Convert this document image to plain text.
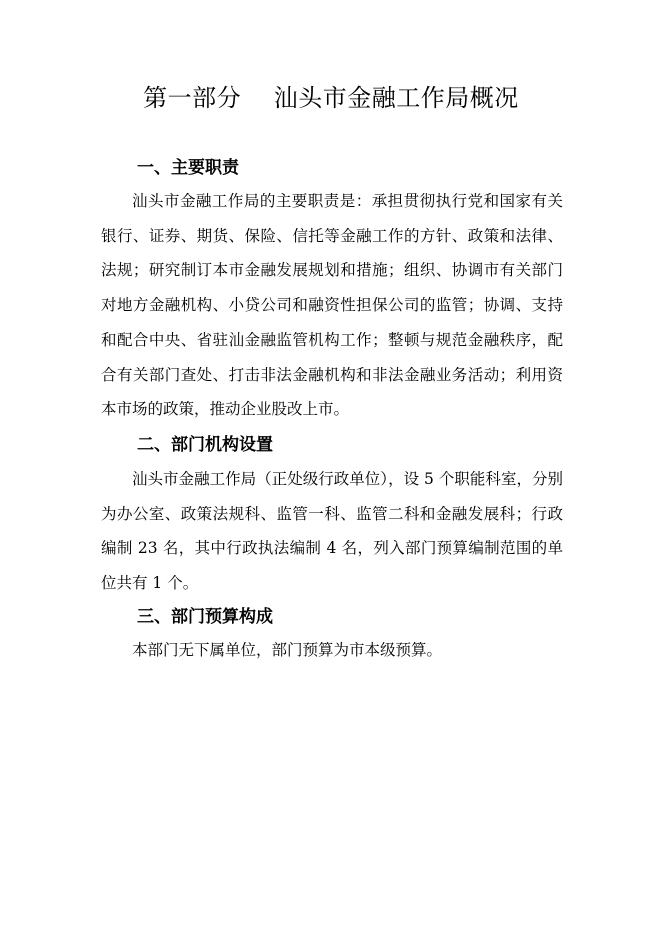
第一部分　 汕头市金融工作局概况
一、主要职责

汕头市金融工作局的主要职责是：承担贯彻执行党和国家有关银行、证券、期货、保险、信托等金融工作的方针、政策和法律、法规；研究制订本市金融发展规划和措施；组织、协调市有关部门对地方金融机构、小贷公司和融资性担保公司的监管；协调、支持和配合中央、省驻汕金融监管机构工作；整顿与规范金融秩序，配合有关部门查处、打击非法金融机构和非法金融业务活动；利用资本市场的政策，推动企业股改上市。

二、部门机构设置

汕头市金融工作局（正处级行政单位），设 5 个职能科室，分别为办公室、政策法规科、监管一科、监管二科和金融发展科；行政编制 23 名，其中行政执法编制 4 名，列入部门预算编制范围的单位共有 1 个。

三、部门预算构成

本部门无下属单位，部门预算为市本级预算。
